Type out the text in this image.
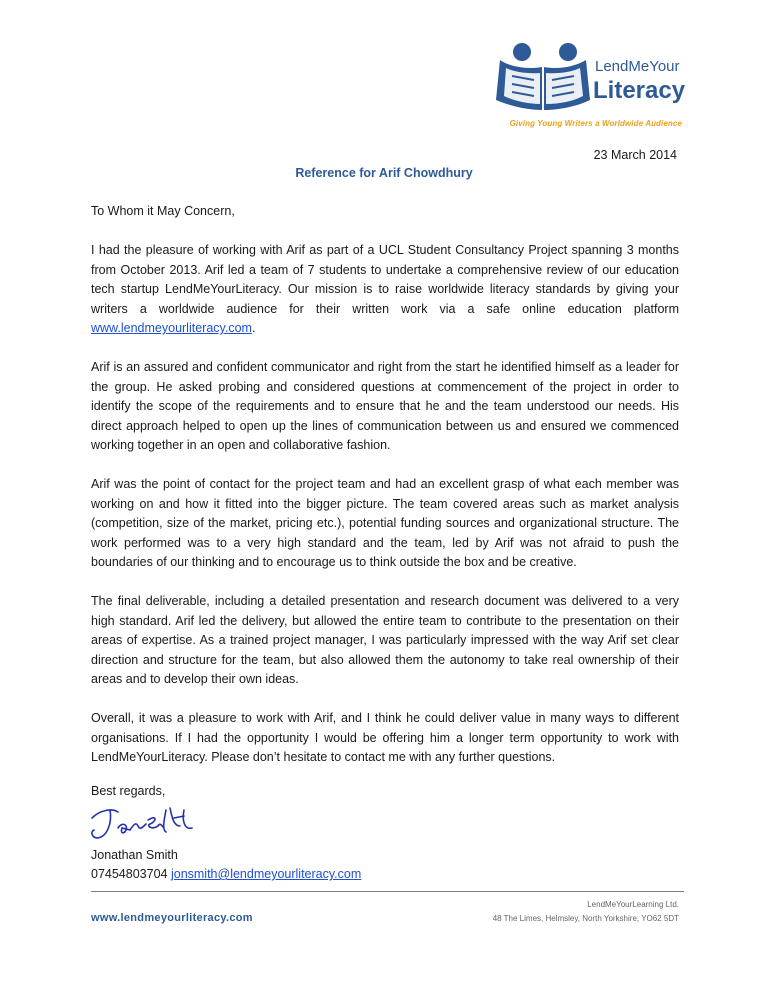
LendMeYour
Literacy
Giving Young Writers a Worldwide Audience
23 March 2014
Reference for Arif Chowdhury

To Whom it May Concern,

I had the pleasure of working with Arif as part of a UCL Student Consultancy Project spanning 3 months from October 2013. Arif led a team of 7 students to undertake a comprehensive review of our education tech startup LendMeYourLiteracy. Our mission is to raise worldwide literacy standards by giving your writers a worldwide audience for their written work via a safe online education platform www.lendmeyourliteracy.com.

Arif is an assured and confident communicator and right from the start he identified himself as a leader for the group. He asked probing and considered questions at commencement of the project in order to identify the scope of the requirements and to ensure that he and the team understood our needs. His direct approach helped to open up the lines of communication between us and ensured we commenced working together in an open and collaborative fashion.

Arif was the point of contact for the project team and had an excellent grasp of what each member was working on and how it fitted into the bigger picture. The team covered areas such as market analysis (competition, size of the market, pricing etc.), potential funding sources and organizational structure. The work performed was to a very high standard and the team, led by Arif was not afraid to push the boundaries of our thinking and to encourage us to think outside the box and be creative.

The final deliverable, including a detailed presentation and research document was delivered to a very high standard. Arif led the delivery, but allowed the entire team to contribute to the presentation on their areas of expertise. As a trained project manager, I was particularly impressed with the way Arif set clear direction and structure for the team, but also allowed them the autonomy to take real ownership of their areas and to develop their own ideas.

Overall, it was a pleasure to work with Arif, and I think he could deliver value in many ways to different organisations. If I had the opportunity I would be offering him a longer term opportunity to work with LendMeYourLiteracy. Please don’t hesitate to contact me with any further questions.

Best regards,
Jonathan Smith
07454803704 jonsmith@lendmeyourliteracy.com
www.lendmeyourliteracy.com
LendMeYourLearning Ltd.
48 The Limes, Helmsley, North Yorkshire, YO62 5DT
